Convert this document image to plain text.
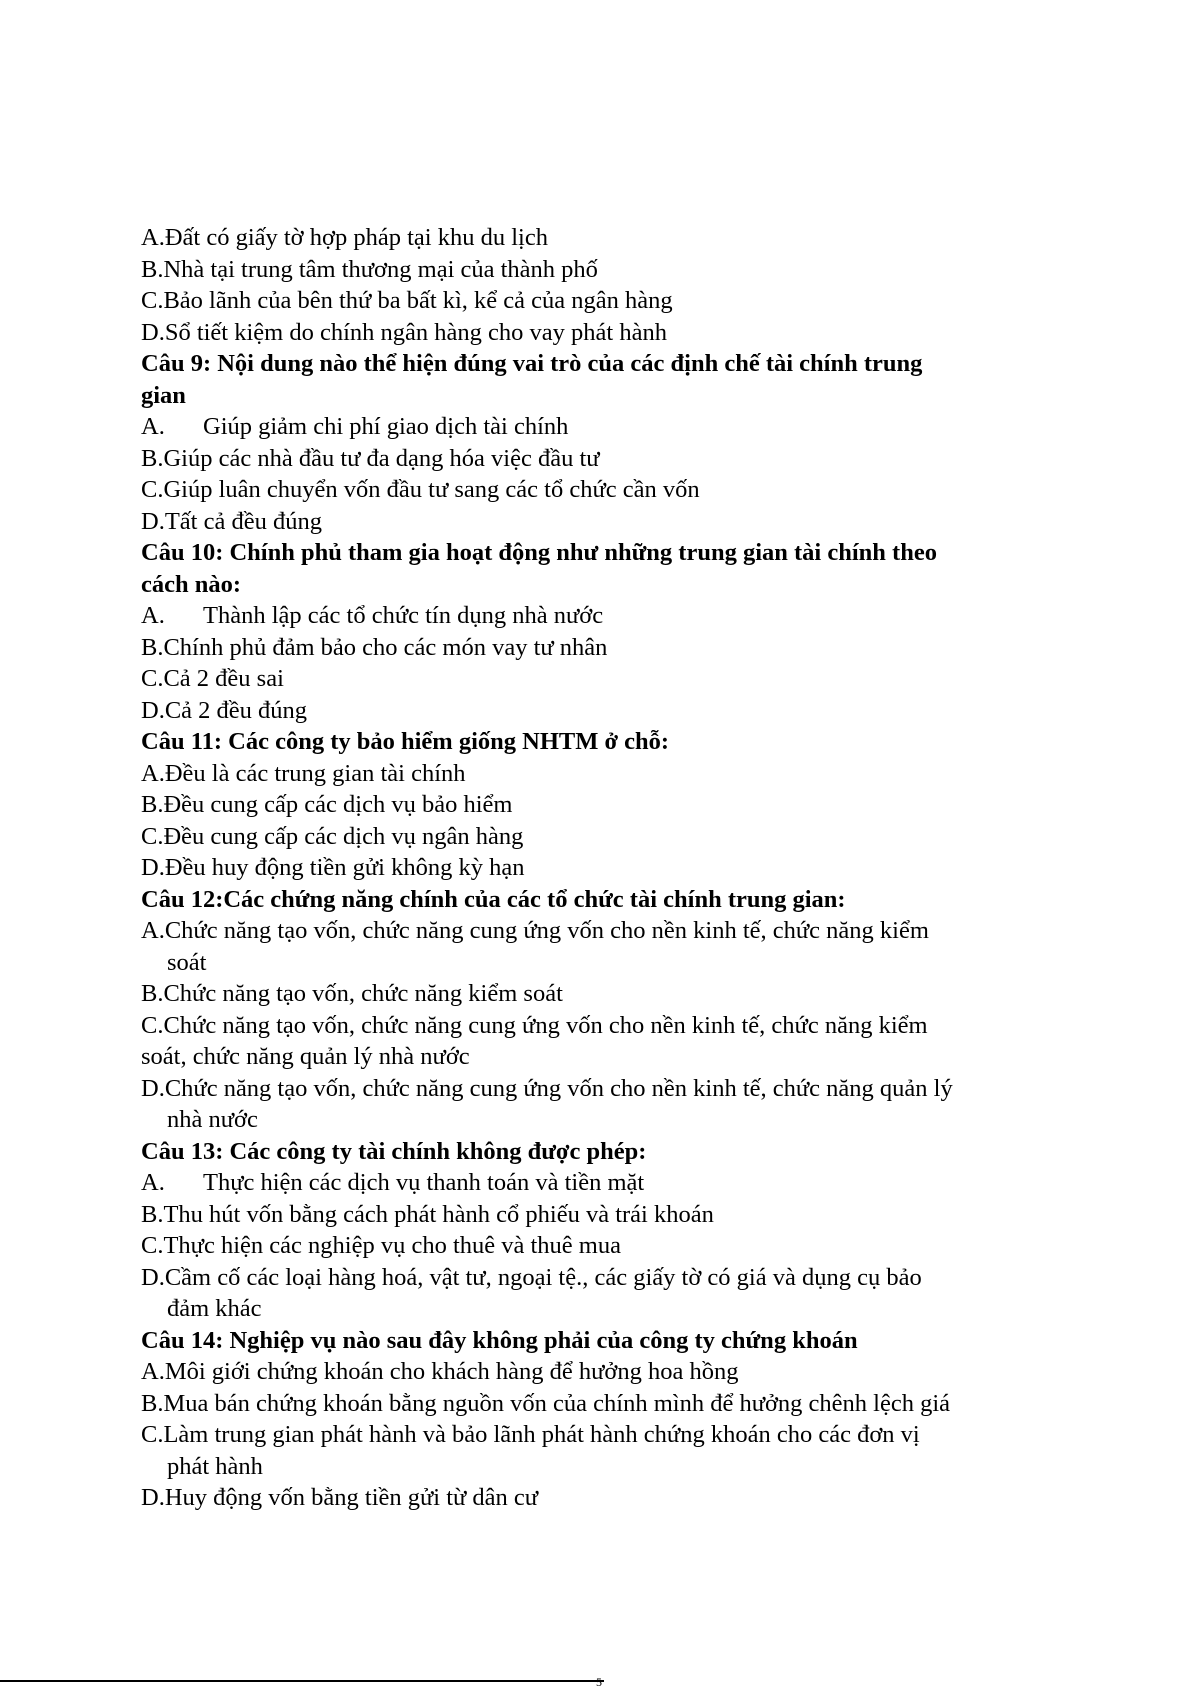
A.Đất có giấy tờ hợp pháp tại khu du lịch
B.Nhà tại trung tâm thương mại của thành phố
C.Bảo lãnh của bên thứ ba bất kì, kể cả của ngân hàng
D.Sổ tiết kiệm do chính ngân hàng cho vay phát hành
Câu 9: Nội dung nào thể hiện đúng vai trò của các định chế tài chính trung
gian
A. Giúp giảm chi phí giao dịch tài chính
B.Giúp các nhà đầu tư đa dạng hóa việc đầu tư
C.Giúp luân chuyển vốn đầu tư sang các tổ chức cần vốn
D.Tất cả đều đúng
Câu 10: Chính phủ tham gia hoạt động như những trung gian tài chính theo
cách nào:
A. Thành lập các tổ chức tín dụng nhà nước
B.Chính phủ đảm bảo cho các món vay tư nhân
C.Cả 2 đều sai
D.Cả 2 đều đúng
Câu 11: Các công ty bảo hiểm giống NHTM ở chỗ:
A.Đều là các trung gian tài chính
B.Đều cung cấp các dịch vụ bảo hiểm
C.Đều cung cấp các dịch vụ ngân hàng
D.Đều huy động tiền gửi không kỳ hạn
Câu 12:Các chứng năng chính của các tổ chức tài chính trung gian:
A.Chức năng tạo vốn, chức năng cung ứng vốn cho nền kinh tế, chức năng kiểm
soát
B.Chức năng tạo vốn, chức năng kiểm soát
C.Chức năng tạo vốn, chức năng cung ứng vốn cho nền kinh tế, chức năng kiểm
soát, chức năng quản lý nhà nước
D.Chức năng tạo vốn, chức năng cung ứng vốn cho nền kinh tế, chức năng quản lý
nhà nước
Câu 13: Các công ty tài chính không được phép:
A. Thực hiện các dịch vụ thanh toán và tiền mặt
B.Thu hút vốn bằng cách phát hành cổ phiếu và trái khoán
C.Thực hiện các nghiệp vụ cho thuê và thuê mua
D.Cầm cố các loại hàng hoá, vật tư, ngoại tệ., các giấy tờ có giá và dụng cụ bảo
đảm khác
Câu 14: Nghiệp vụ nào sau đây không phải của công ty chứng khoán
A.Môi giới chứng khoán cho khách hàng để hưởng hoa hồng
B.Mua bán chứng khoán bằng nguồn vốn của chính mình để hưởng chênh lệch giá
C.Làm trung gian phát hành và bảo lãnh phát hành chứng khoán cho các đơn vị
phát hành
D.Huy động vốn bằng tiền gửi từ dân cư
5
